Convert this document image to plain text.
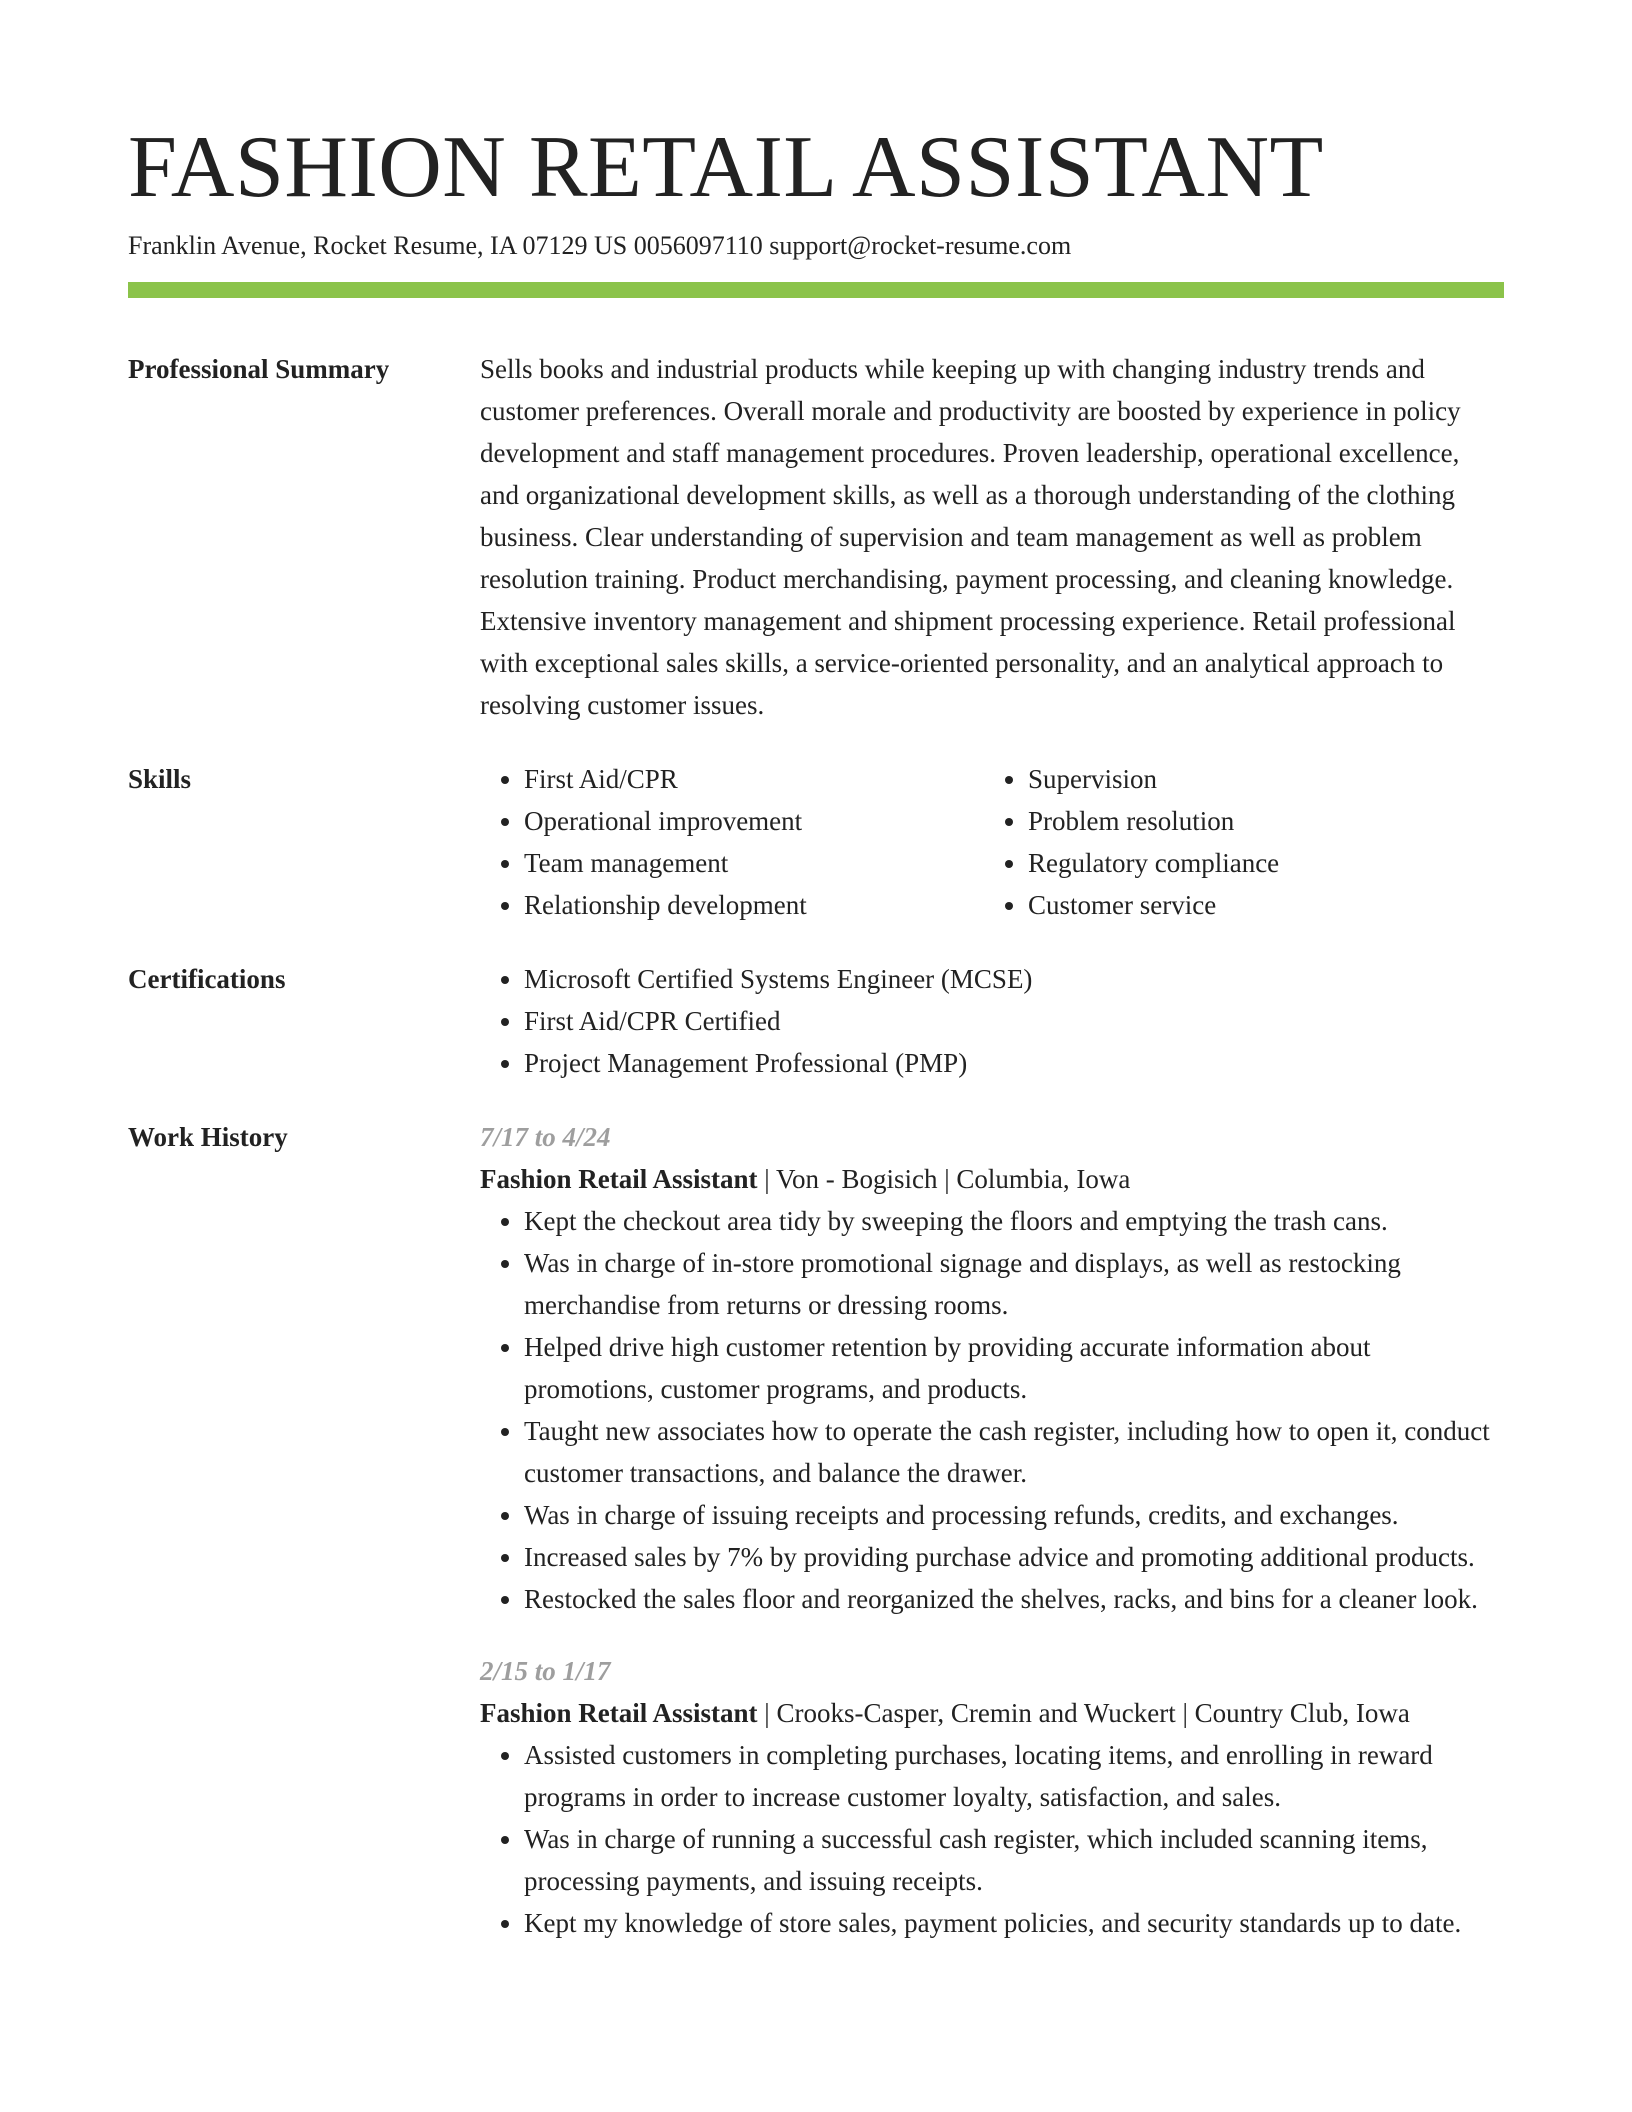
FASHION RETAIL ASSISTANT
Franklin Avenue, Rocket Resume, IA 07129 US 0056097110 support@rocket-resume.com
Professional Summary	Sells books and industrial products while keeping up with changing industry trends and customer preferences. Overall morale and productivity are boosted by experience in policy development and staff management procedures. Proven leadership, operational excellence, and organizational development skills, as well as a thorough understanding of the clothing business. Clear understanding of supervision and team management as well as problem resolution training. Product merchandising, payment processing, and cleaning knowledge. Extensive inventory management and shipment processing experience. Retail professional with exceptional sales skills, a service-oriented personality, and an analytical approach to resolving customer issues.
Skills	• First Aid/CPR
• Operational improvement
• Team management
• Relationship development
• Supervision
• Problem resolution
• Regulatory compliance
• Customer service
Certifications	• Microsoft Certified Systems Engineer (MCSE)
• First Aid/CPR Certified
• Project Management Professional (PMP)
Work History	7/17 to 4/24
Fashion Retail Assistant | Von - Bogisich | Columbia, Iowa
• Kept the checkout area tidy by sweeping the floors and emptying the trash cans.
• Was in charge of in-store promotional signage and displays, as well as restocking merchandise from returns or dressing rooms.
• Helped drive high customer retention by providing accurate information about promotions, customer programs, and products.
• Taught new associates how to operate the cash register, including how to open it, conduct customer transactions, and balance the drawer.
• Was in charge of issuing receipts and processing refunds, credits, and exchanges.
• Increased sales by 7% by providing purchase advice and promoting additional products.
• Restocked the sales floor and reorganized the shelves, racks, and bins for a cleaner look.
2/15 to 1/17
Fashion Retail Assistant | Crooks-Casper, Cremin and Wuckert | Country Club, Iowa
• Assisted customers in completing purchases, locating items, and enrolling in reward programs in order to increase customer loyalty, satisfaction, and sales.
• Was in charge of running a successful cash register, which included scanning items, processing payments, and issuing receipts.
• Kept my knowledge of store sales, payment policies, and security standards up to date.
